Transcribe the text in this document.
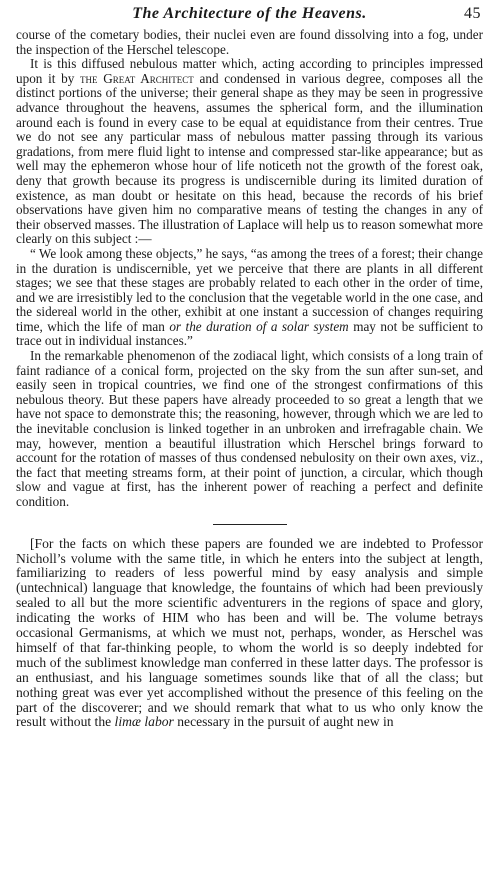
The Architecture of the Heavens.	45

course of the cometary bodies, their nuclei even are found dissolving into a fog, under the inspection of the Herschel telescope.

It is this diffused nebulous matter which, acting according to principles impressed upon it by the Great Architect and condensed in various degree, composes all the distinct portions of the universe; their general shape as they may be seen in progressive advance throughout the heavens, assumes the spherical form, and the illumination around each is found in every case to be equal at equidistance from their centres. True we do not see any particular mass of nebulous matter passing through its various gradations, from mere fluid light to intense and compressed star-like appearance; but as well may the ephemeron whose hour of life noticeth not the growth of the forest oak, deny that growth because its progress is undiscernible during its limited duration of existence, as man doubt or hesitate on this head, because the records of his brief observations have given him no comparative means of testing the changes in any of their observed masses. The illustration of Laplace will help us to reason somewhat more clearly on this subject :—

“ We look among these objects,” he says, “as among the trees of a forest; their change in the duration is undiscernible, yet we perceive that there are plants in all different stages; we see that these stages are probably related to each other in the order of time, and we are irresistibly led to the conclusion that the vegetable world in the one case, and the sidereal world in the other, exhibit at one instant a succession of changes requiring time, which the life of man or the duration of a solar system may not be sufficient to trace out in individual instances.”

In the remarkable phenomenon of the zodiacal light, which consists of a long train of faint radiance of a conical form, projected on the sky from the sun after sun-set, and easily seen in tropical countries, we find one of the strongest confirmations of this nebulous theory. But these papers have already proceeded to so great a length that we have not space to demonstrate this; the reasoning, however, through which we are led to the inevitable conclusion is linked together in an unbroken and irrefragable chain. We may, however, mention a beautiful illustration which Herschel brings forward to account for the rotation of masses of thus condensed nebulosity on their own axes, viz., the fact that meeting streams form, at their point of junction, a circular, which though slow and vague at first, has the inherent power of reaching a perfect and definite condition.

[For the facts on which these papers are founded we are indebted to Professor Nicholl’s volume with the same title, in which he enters into the subject at length, familiarizing to readers of less powerful mind by easy analysis and simple (untechnical) language that knowledge, the fountains of which had been previously sealed to all but the more scientific adventurers in the regions of space and glory, indicating the works of HIM who has been and will be. The volume betrays occasional Germanisms, at which we must not, perhaps, wonder, as Herschel was himself of that far-thinking people, to whom the world is so deeply indebted for much of the sublimest knowledge man conferred in these latter days. The professor is an enthusiast, and his language sometimes sounds like that of all the class; but nothing great was ever yet accomplished without the presence of this feeling on the part of the discoverer; and we should remark that what to us who only know the result without the limæ labor necessary in the pursuit of aught new in
